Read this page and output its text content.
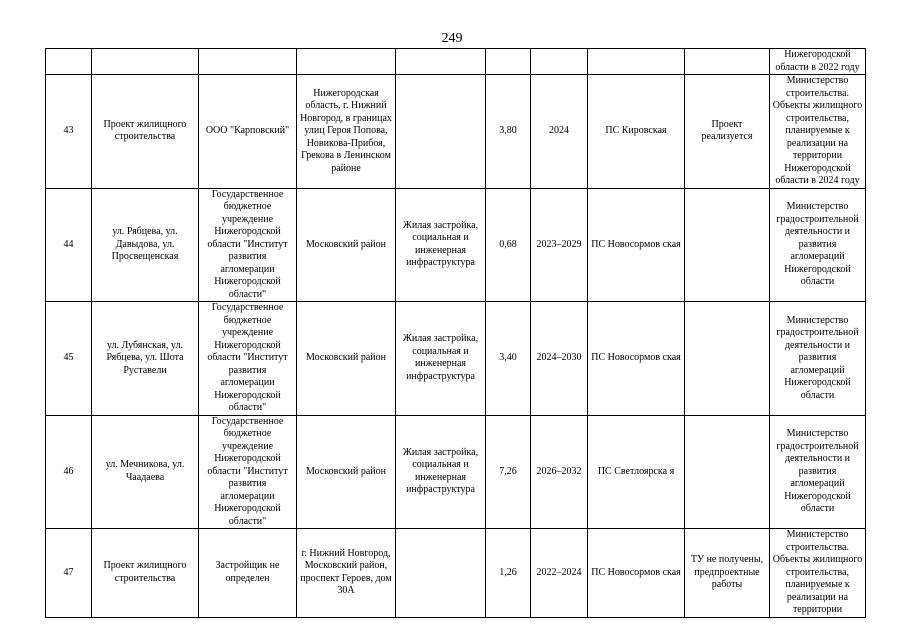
249
									Нижегородской области в 2022 году
43	Проект жилищного строительства	ООО "Карповский"	Нижегородская область, г. Нижний Новгород, в границах улиц Героя Попова, Новикова-Прибоя, Грекова в Ленинском районе		3,80	2024	ПС Кировская	Проект реализуется	Министерство строительства. Объекты жилищного строительства, планируемые к реализации на территории Нижегородской области в 2024 году
44	ул. Рябцева, ул. Давыдова, ул. Просвещенская	Государственное бюджетное учреждение Нижегородской области "Институт развития агломерации Нижегородской области"	Московский район	Жилая застройка, социальная и инженерная инфраструктура	0,68	2023–2029	ПС Новосормов ская		Министерство градостроительной деятельности и развития агломераций Нижегородской области
45	ул. Лубянская, ул. Рябцева, ул. Шота Руставели	Государственное бюджетное учреждение Нижегородской области "Институт развития агломерации Нижегородской области"	Московский район	Жилая застройка, социальная и инженерная инфраструктура	3,40	2024–2030	ПС Новосормов ская		Министерство градостроительной деятельности и развития агломераций Нижегородской области
46	ул. Мечникова, ул. Чаадаева	Государственное бюджетное учреждение Нижегородской области "Институт развития агломерации Нижегородской области"	Московский район	Жилая застройка, социальная и инженерная инфраструктура	7,26	2026–2032	ПС Светлоярска я		Министерство градостроительной деятельности и развития агломераций Нижегородской области
47	Проект жилищного строительства	Застройщик не определен	г. Нижний Новгород, Московский район, проспект Героев, дом 30А		1,26	2022–2024	ПС Новосормов ская	ТУ не получены, предпроектные работы	Министерство строительства. Объекты жилищного строительства, планируемые к реализации на территории
